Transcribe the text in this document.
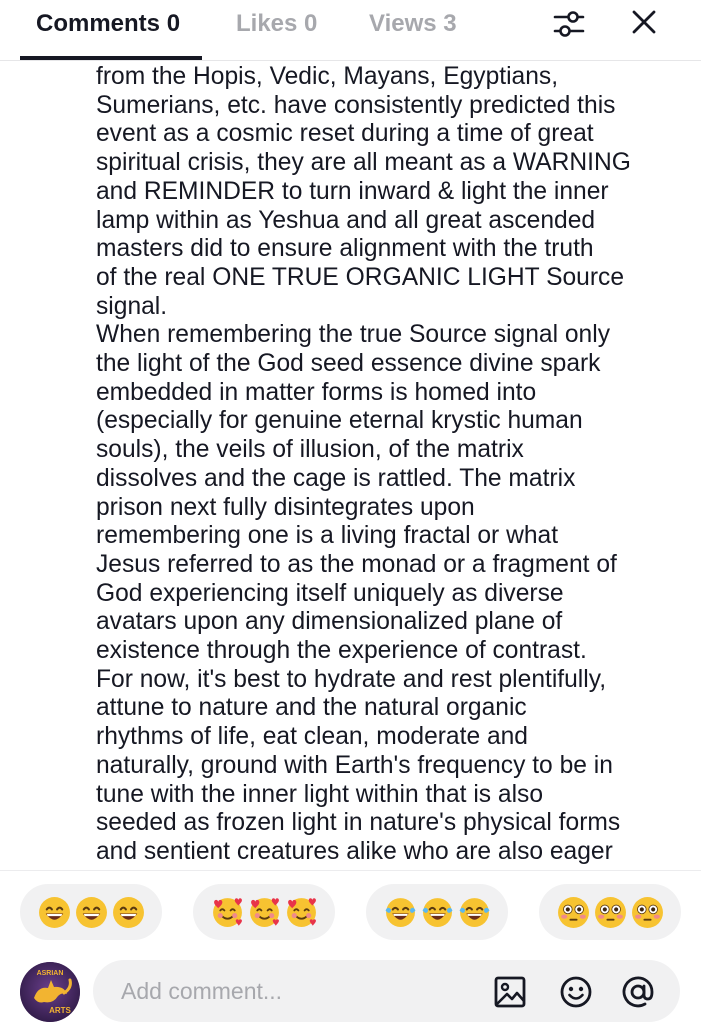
Comments 0 Likes 0 Views 3
from the Hopis, Vedic, Mayans, Egyptians,
Sumerians, etc. have consistently predicted this
event as a cosmic reset during a time of great
spiritual crisis, they are all meant as a WARNING
and REMINDER to turn inward & light the inner
lamp within as Yeshua and all great ascended
masters did to ensure alignment with the truth
of the real ONE TRUE ORGANIC LIGHT Source
signal.
When remembering the true Source signal only
the light of the God seed essence divine spark
embedded in matter forms is homed into
(especially for genuine eternal krystic human
souls), the veils of illusion, of the matrix
dissolves and the cage is rattled. The matrix
prison next fully disintegrates upon
remembering one is a living fractal or what
Jesus referred to as the monad or a fragment of
God experiencing itself uniquely as diverse
avatars upon any dimensionalized plane of
existence through the experience of contrast.
For now, it's best to hydrate and rest plentifully,
attune to nature and the natural organic
rhythms of life, eat clean, moderate and
naturally, ground with Earth's frequency to be in
tune with the inner light within that is also
seeded as frozen light in nature's physical forms
and sentient creatures alike who are also eager
ASRIAN
ARTS
Add comment...
